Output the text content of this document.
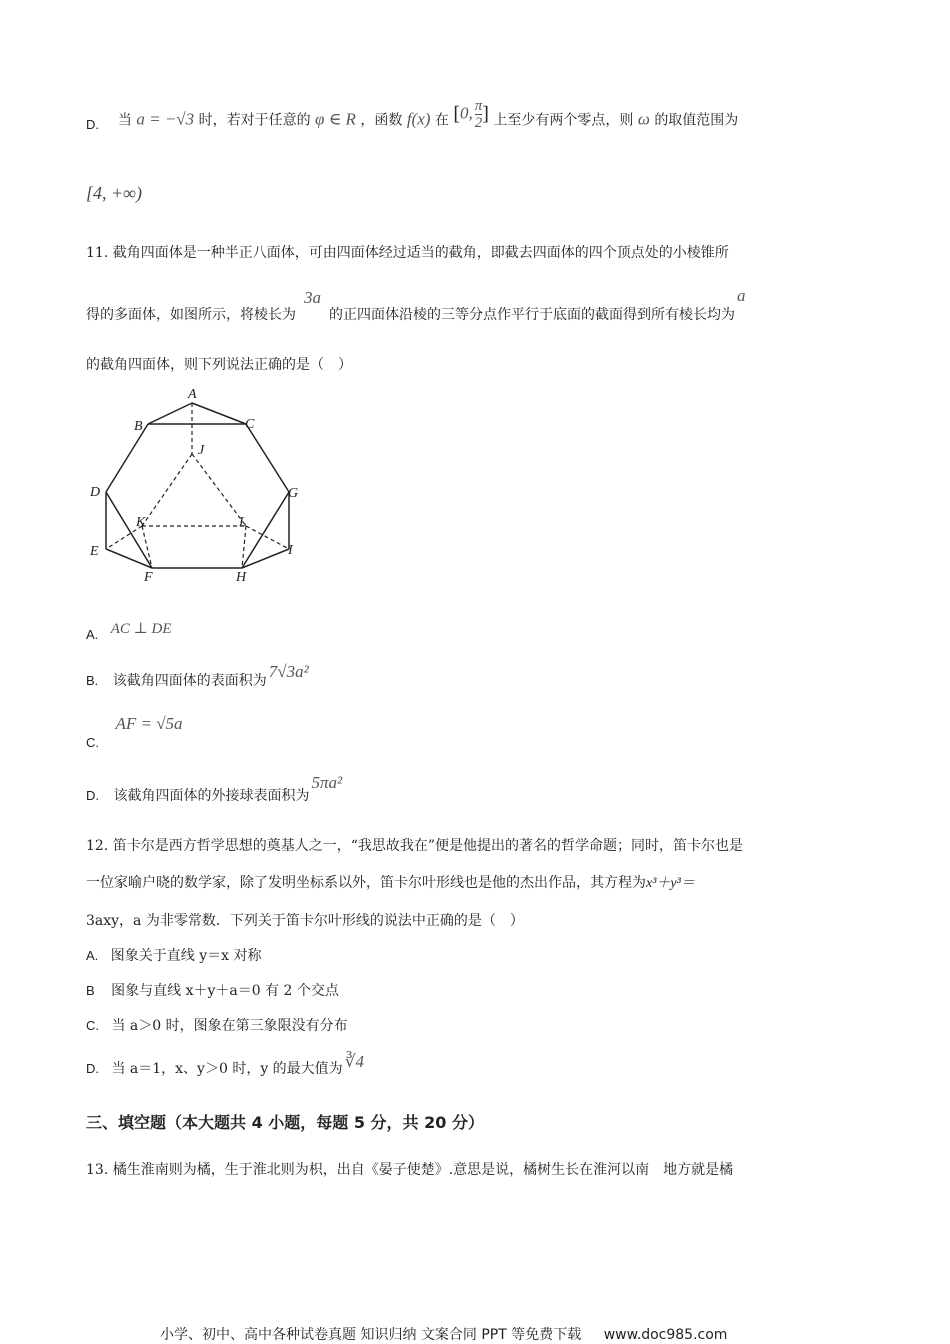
D. 当 a = −√3 时，若对于任意的 φ ∈ R ，函数 f(x) 在 [0, $\frac{\pi}{2}$ ] 上至少有两个零点，则 ω 的取值范围为
[4, +∞)
11. 截角四面体是一种半正八面体，可由四面体经过适当的截角，即截去四面体的四个顶点处的小棱锥所
得的多面体，如图所示，将棱长为3a的正四面体沿棱的三等分点作平行于底面的截面得到所有棱长均为a
的截角四面体，则下列说法正确的是（　）
A
B	C
J
D	G
K	L
E	I
F	H
A. AC ⊥ DE
B. 该截角四面体的表面积为 7√3a²
C. AF = √5a
D. 该截角四面体的外接球表面积为5πa²
12. 笛卡尔是西方哲学思想的奠基人之一，“我思故我在”便是他提出的著名的哲学命题；同时，笛卡尔也是
一位家喻户晓的数学家，除了发明坐标系以外，笛卡尔叶形线也是他的杰出作品，其方程为x³＋y³＝
3axy，a 为非零常数．下列关于笛卡尔叶形线的说法中正确的是（　）
A. 图象关于直线 y＝x 对称
B 图象与直线 x＋y＋a＝0 有 2 个交点
C. 当 a＞0 时，图象在第三象限没有分布
D. 当 a＝1，x、y＞0 时，y 的最大值为 ∛4
三、填空题（本大题共 4 小题，每题 5 分，共 20 分）
13. 橘生淮南则为橘，生于淮北则为枳，出自《晏子使楚》.意思是说，橘树生长在淮河以南　地方就是橘
小学、初中、高中各种试卷真题 知识归纳 文案合同 PPT 等免费下载 www.doc985.com
